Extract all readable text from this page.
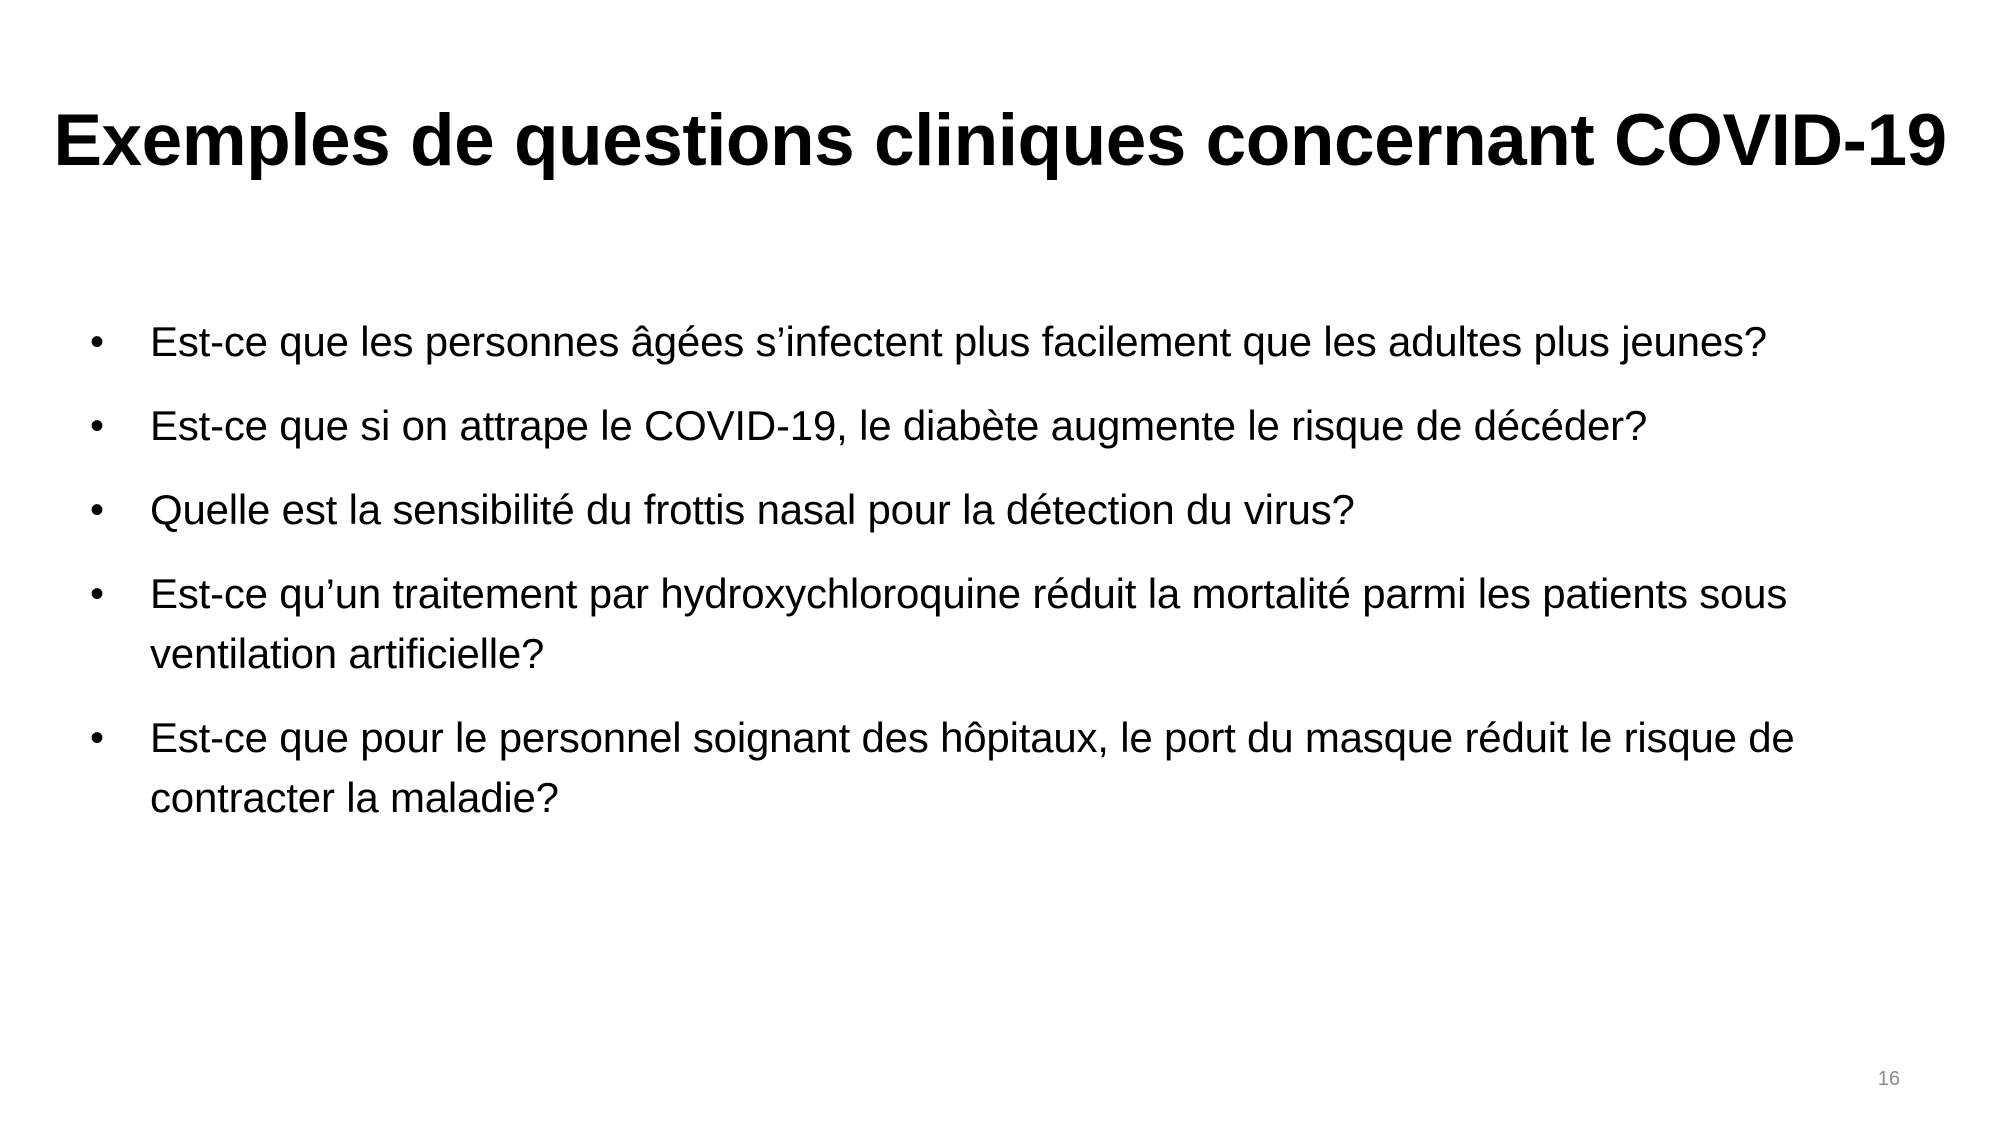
Exemples de questions cliniques concernant COVID-19
•	Est-ce que les personnes âgées s’infectent plus facilement que les adultes plus jeunes?
•	Est-ce que si on attrape le COVID-19, le diabète augmente le risque de décéder?
•	Quelle est la sensibilité du frottis nasal pour la détection du virus?
•	Est-ce qu’un traitement par hydroxychloroquine réduit la mortalité parmi les patients sous ventilation artificielle?
•	Est-ce que pour le personnel soignant des hôpitaux, le port du masque réduit le risque de contracter la maladie?
16
